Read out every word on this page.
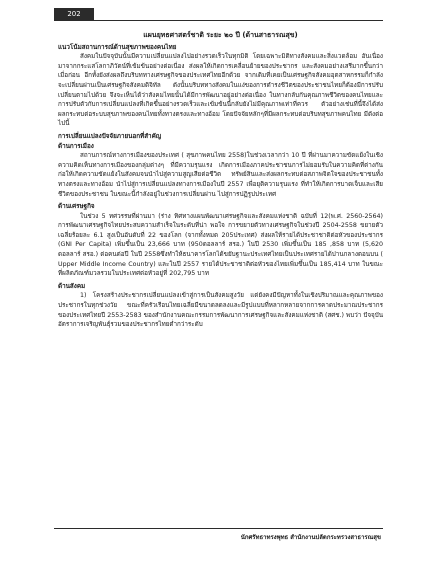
202

แผนยุทธศาสตร์ชาติ ระยะ ๒๐ ปี (ด้านสาธารณสุข)

แนวโน้มสถานการณ์ด้านสุขภาพของคนไทย

สังคมในปัจจุบันนั้นมีความเปลี่ยนแปลงไปอย่างรวดเร็วในทุกมิติ โดยเฉพาะมิติทางสังคมและสิ่งแวดล้อม อันเนื่องมาจากกระแสโลกาภิวัตน์ที่เข้มข้นอย่างต่อเนื่อง ส่งผลให้เกิดการเคลื่อนย้ายของประชากร และสังคมอย่างเสรีมากขึ้นกว่าเมื่อก่อน อีกทั้งยังส่งผลถึงบริบททางเศรษฐกิจของประเทศไทยอีกด้วย จากเดิมที่เคยเป็นเศรษฐกิจสังคมอุตสาหกรรมก็กำลังจะเปลี่ยนผ่านเป็นเศรษฐกิจสังคมดิจิทัล ดังนั้นบริบททางสังคมในแง่ของการดำรงชีวิตของประชาชนไทยก็ต้องมีการปรับเปลี่ยนตามไปด้วย จึงจะเห็นได้ว่าสังคมไทยนั้นได้มีการพัฒนาอยู่อย่างต่อเนื่อง ในทางกลับกันคุณภาพชีวิตของคนไทยและการปรับตัวกับการเปลี่ยนแปลงที่เกิดขึ้นอย่างรวดเร็วและเข้มข้นนี้กลับยังไม่มีคุณภาพเท่าที่ควร ตัวอย่างเช่นที่นี้จึงได้ส่งผลกระทบต่อระบบสุขภาพของคนไทยทั้งทางตรงและทางอ้อม โดยปัจจัยหลักๆที่มีผลกระทบต่อบริบทสุขภาพคนไทย มีดังต่อไปนี้

การเปลี่ยนแปลงปัจจัยภายนอกที่สำคัญ

ด้านการเมือง

สถานการณ์ทางการเมืองของประเทศ ( สุขภาพคนไทย 2558)ในช่วงเวลากว่า 10 ปี ที่ผ่านมาความขัดแย้งในเชิงความคิดเห็นทางการเมืองของกลุ่มต่างๆ ที่มีความรุนแรง เกิดการเมืองภาคประชาชนการไม่ยอมรับในความคิดที่ต่างกัน ก่อให้เกิดความขัดแย้งในสังคมจนนำไปสู่ความสูญเสียต่อชีวิต ทรัพย์สินและส่งผลกระทบต่อสภาพจิตใจของประชาชนทั้งทางตรงและทางอ้อม นำไปสู่การเปลี่ยนแปลงทางการเมืองในปี 2557 เพื่อยุติความรุนแรง ที่ทำให้เกิดการบาดเจ็บและเสียชีวิตของประชาชน ในขณะนี้กำลังอยู่ในช่วงการเปลี่ยนผ่าน ไปสู่การปฏิรูปประเทศ

ด้านเศรษฐกิจ

ในช่วง 5 ทศวรรษที่ผ่านมา (ร่าง ทิศทางแผนพัฒนาเศรษฐกิจและสังคมแห่งชาติ ฉบับที่ 12(พ.ศ. 2560-2564) การพัฒนาเศรษฐกิจไทยประสบความสำเร็จในระดับที่น่า พอใจ การขยายตัวทางเศรษฐกิจในช่วงปี 2504-2558 ขยายตัวเฉลี่ยร้อยละ 6.1 สูงเป็นอันดับที่ 22 ของโลก (จากทั้งหมด 205ประเทศ) ส่งผลให้รายได้ประชาชาติต่อหัวของประชากร (GNI Per Capita) เพิ่มขึ้นเป็น 23,666 บาท (950ดอลลาร์ สรอ.) ในปี 2530 เพิ่มขึ้นเป็น 185 ,858 บาท (5,620 ดอลลาร์ สรอ.) ต่อคนต่อปี ในปี 2558ซึ่งทำให้ธนาคารโลกได้ขยับฐานะประเทศไทยเป็นประเทศรายได้ปานกลางตอนบน ( Upper Middle Income Country) และในปี 2557 รายได้ประชาชาติต่อหัวของไทยเพิ่มขึ้นเป็น 185,414 บาท ในขณะที่ผลิตภัณฑ์มวลรวมในประเทศต่อหัวอยู่ที่ 202,795 บาท

ด้านสังคม

1) โครงสร้างประชากรเปลี่ยนแปลงเข้าสู่การเป็นสังคมสูงวัย แต่ยังคงมีปัญหาทั้งในเชิงปริมาณและคุณภาพของประชากรในทุกช่วงวัย ขณะที่ครัวเรือนไทยเฉลี่ยมีขนาดลดลงและมีรูปแบบที่หลากหลายจากการคาดประมาณประชากรของประเทศไทยปี 2553-2583 ของสำนักงานคณะกรรมการพัฒนาการเศรษฐกิจและสังคมแห่งชาติ (สศช.) พบว่า ปัจจุบันอัตราการเจริญพันธุ์รวมของประชากรไทยต่ำกว่าระดับ

นักศรัทธาทรงพุทธ สำนักงานปลัดกระทรวงสาธารณสุข
